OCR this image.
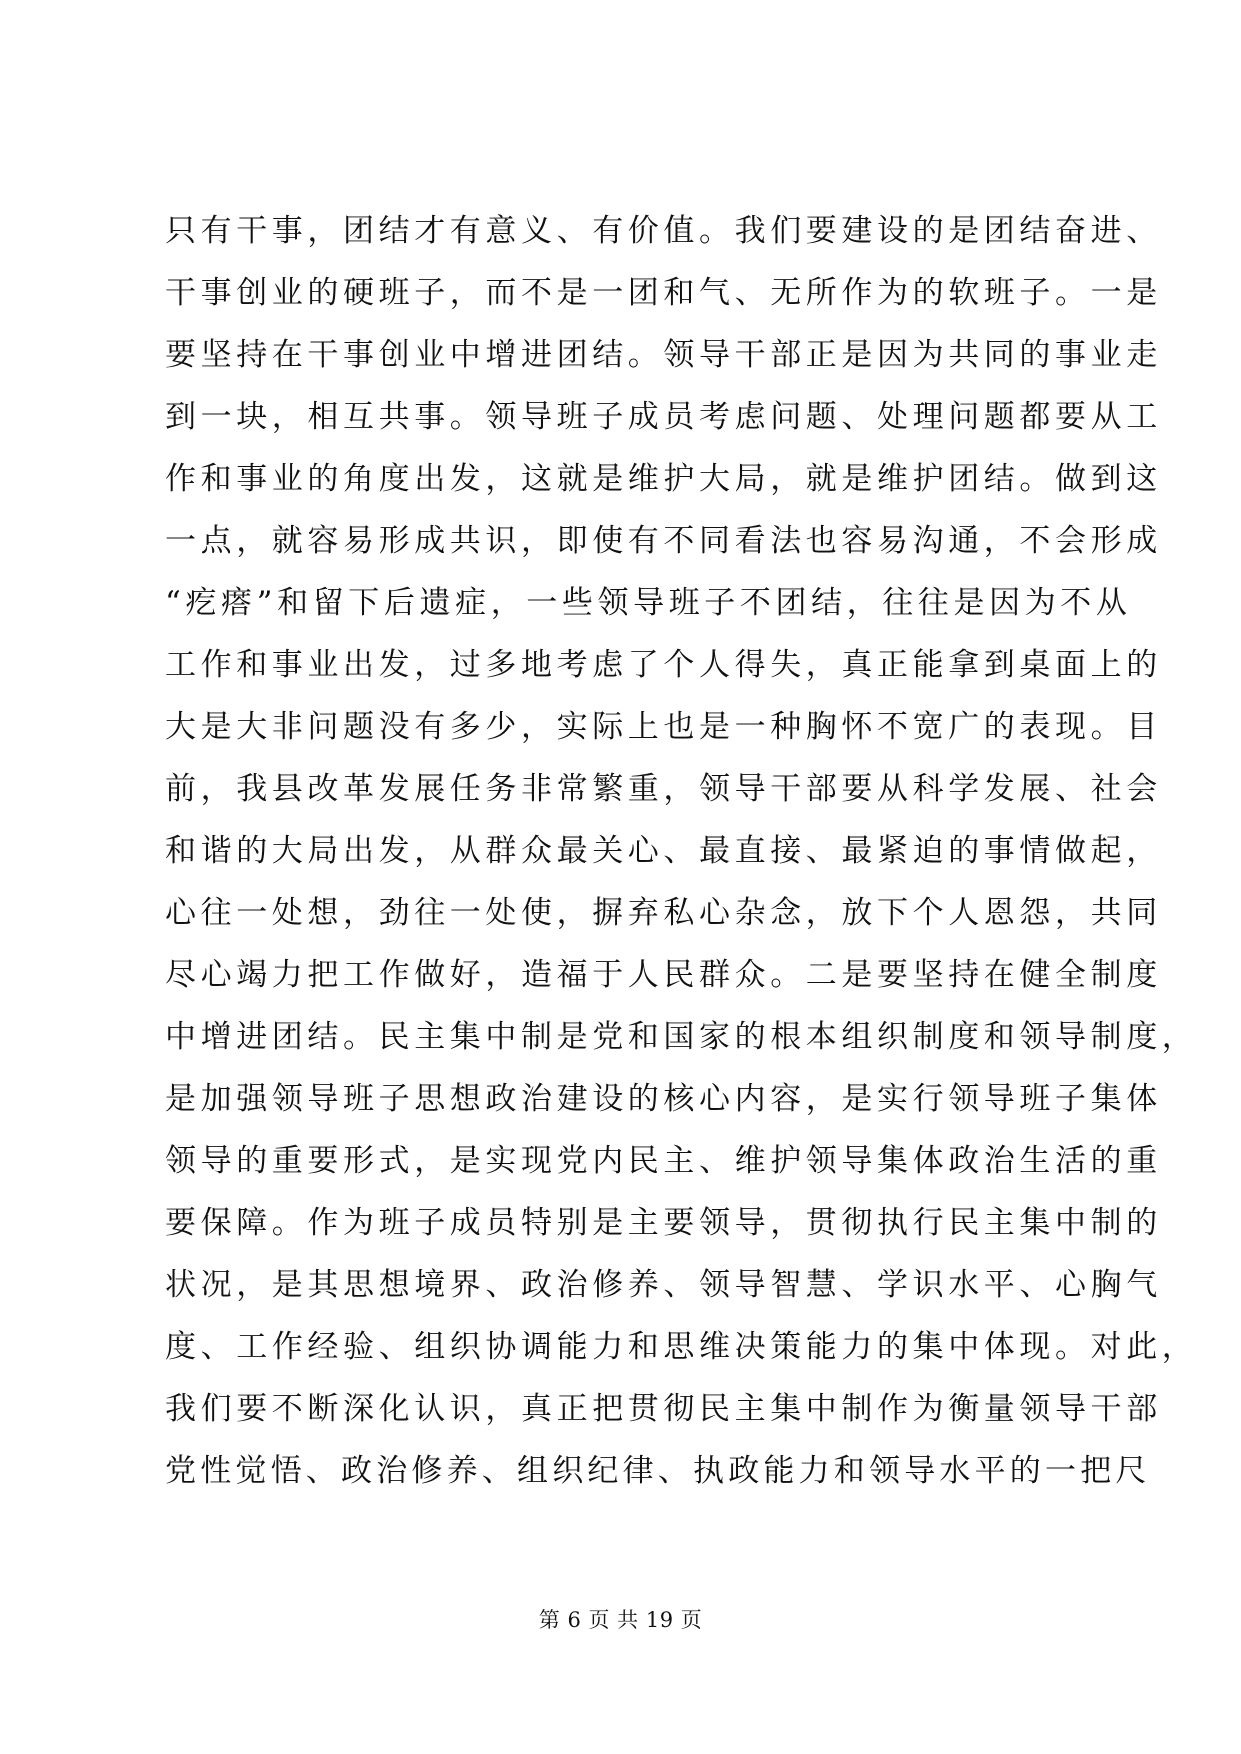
只有干事，团结才有意义、有价值。我们要建设的是团结奋进、
干事创业的硬班子，而不是一团和气、无所作为的软班子。一是
要坚持在干事创业中增进团结。领导干部正是因为共同的事业走
到一块，相互共事。领导班子成员考虑问题、处理问题都要从工
作和事业的角度出发，这就是维护大局，就是维护团结。做到这
一点，就容易形成共识，即使有不同看法也容易沟通，不会形成
“疙瘩”和留下后遗症，一些领导班子不团结，往往是因为不从
工作和事业出发，过多地考虑了个人得失，真正能拿到桌面上的
大是大非问题没有多少，实际上也是一种胸怀不宽广的表现。目
前，我县改革发展任务非常繁重，领导干部要从科学发展、社会
和谐的大局出发，从群众最关心、最直接、最紧迫的事情做起，
心往一处想，劲往一处使，摒弃私心杂念，放下个人恩怨，共同
尽心竭力把工作做好，造福于人民群众。二是要坚持在健全制度
中增进团结。民主集中制是党和国家的根本组织制度和领导制度，
是加强领导班子思想政治建设的核心内容，是实行领导班子集体
领导的重要形式，是实现党内民主、维护领导集体政治生活的重
要保障。作为班子成员特别是主要领导，贯彻执行民主集中制的
状况，是其思想境界、政治修养、领导智慧、学识水平、心胸气
度、工作经验、组织协调能力和思维决策能力的集中体现。对此，
我们要不断深化认识，真正把贯彻民主集中制作为衡量领导干部
党性觉悟、政治修养、组织纪律、执政能力和领导水平的一把尺
第 6 页 共 19 页
